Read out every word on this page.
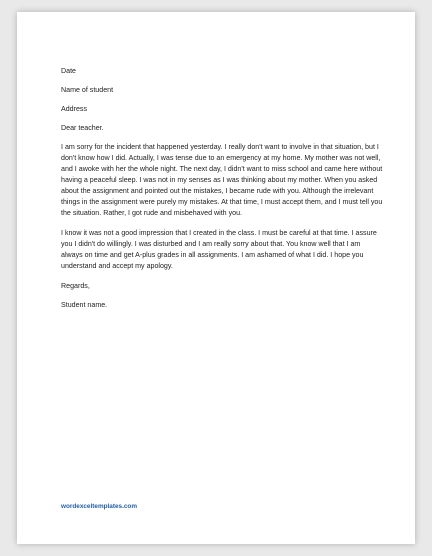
Date

Name of student

Address

Dear teacher.

I am sorry for the incident that happened yesterday. I really don't want to involve in that situation, but I don't know how I did. Actually, I was tense due to an emergency at my home. My mother was not well, and I awoke with her the whole night. The next day, I didn't want to miss school and came here without having a peaceful sleep. I was not in my senses as I was thinking about my mother. When you asked about the assignment and pointed out the mistakes, I became rude with you. Although the irrelevant things in the assignment were purely my mistakes. At that time, I must accept them, and I must tell you the situation. Rather, I got rude and misbehaved with you.

I know it was not a good impression that I created in the class. I must be careful at that time. I assure you I didn't do willingly. I was disturbed and I am really sorry about that. You know well that I am always on time and get A-plus grades in all assignments. I am ashamed of what I did. I hope you understand and accept my apology.

Regards,

Student name.

wordexceltemplates.com
